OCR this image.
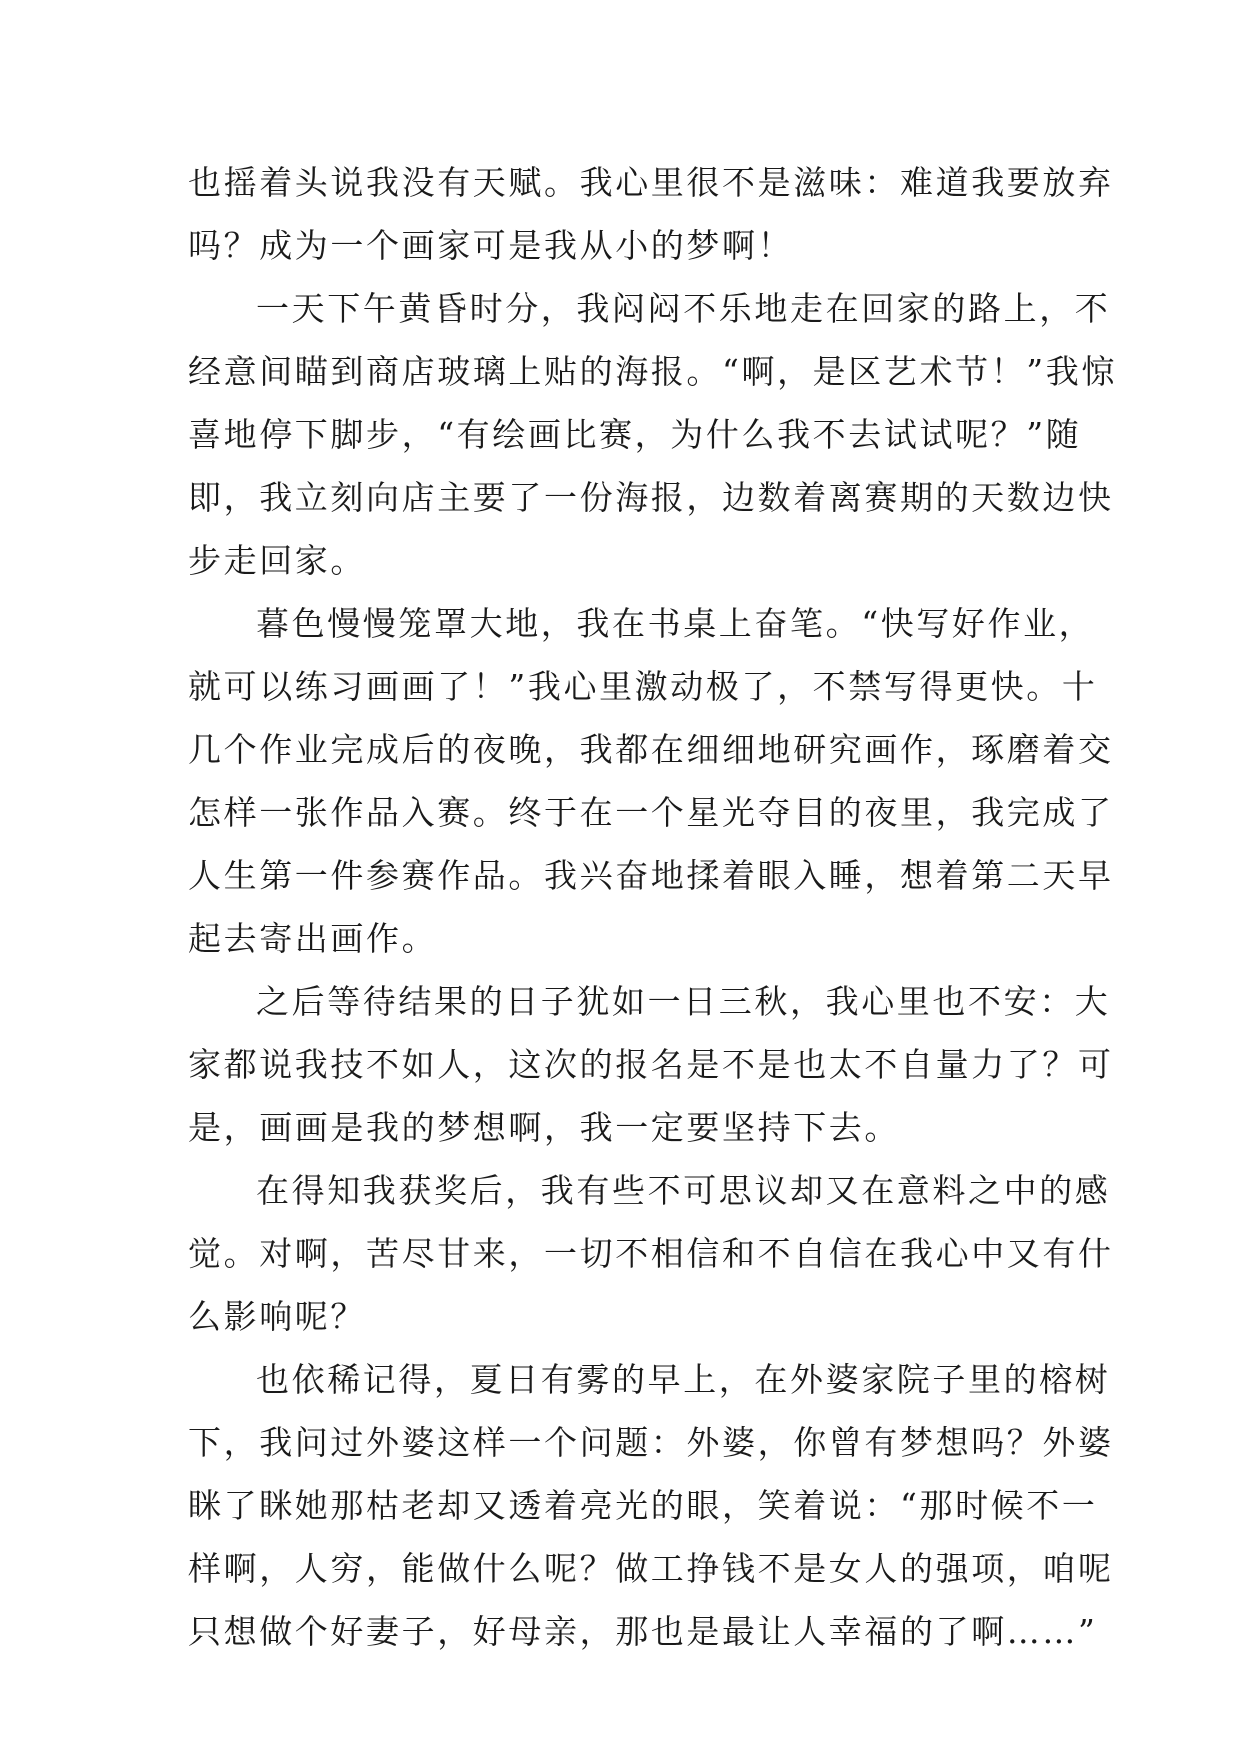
也摇着头说我没有天赋。我心里很不是滋味：难道我要放弃
吗？成为一个画家可是我从小的梦啊！
一天下午黄昏时分，我闷闷不乐地走在回家的路上，不
经意间瞄到商店玻璃上贴的海报。“啊，是区艺术节！”我惊
喜地停下脚步，“有绘画比赛，为什么我不去试试呢？”随
即，我立刻向店主要了一份海报，边数着离赛期的天数边快
步走回家。
暮色慢慢笼罩大地，我在书桌上奋笔。“快写好作业，
就可以练习画画了！”我心里激动极了，不禁写得更快。十
几个作业完成后的夜晚，我都在细细地研究画作，琢磨着交
怎样一张作品入赛。终于在一个星光夺目的夜里，我完成了
人生第一件参赛作品。我兴奋地揉着眼入睡，想着第二天早
起去寄出画作。
之后等待结果的日子犹如一日三秋，我心里也不安：大
家都说我技不如人，这次的报名是不是也太不自量力了？可
是，画画是我的梦想啊，我一定要坚持下去。
在得知我获奖后，我有些不可思议却又在意料之中的感
觉。对啊，苦尽甘来，一切不相信和不自信在我心中又有什
么影响呢？
也依稀记得，夏日有雾的早上，在外婆家院子里的榕树
下，我问过外婆这样一个问题：外婆，你曾有梦想吗？外婆
眯了眯她那枯老却又透着亮光的眼，笑着说：“那时候不一
样啊，人穷，能做什么呢？做工挣钱不是女人的强项，咱呢
只想做个好妻子，好母亲，那也是最让人幸福的了啊……”
